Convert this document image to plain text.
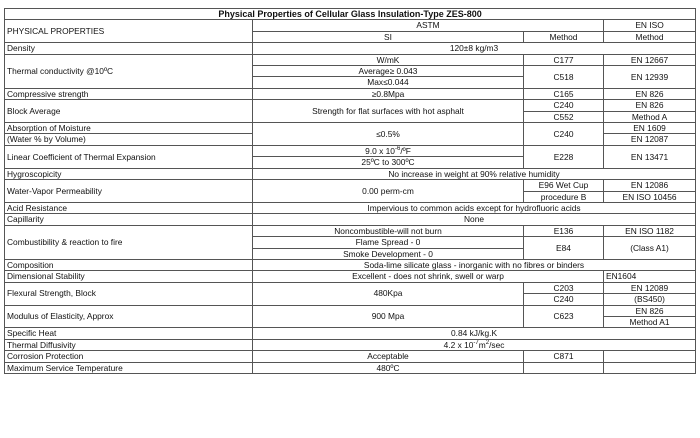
Physical Properties of Cellular Glass Insulation-Type ZES-800			
PHYSICAL PROPERTIES	ASTM		EN ISO
	SI	Method	Method
Density	120±8 kg/m3		
Thermal conductivity @10ºC	W/mK	C177	EN 12667
	Average≥ 0.043	C518	EN 12939
	Max≤0.044		
Compressive strength	≥0.8Mpa	C165	EN 826
Block Average	Strength for flat surfaces with hot asphalt	C240	EN 826
		C552	Method A
Absorption of Moisture	≤0.5%	C240	EN 1609
(Water % by Volume)			EN 12087
Linear Coefficient of Thermal Expansion	9.0 x $10^{-6}/ºF$	E228	EN 13471
	25ºC to 300ºC		
Hygroscopicity	No increase in weight at 90% relative humidity		
Water-Vapor Permeability	0.00 perm-cm	E96 Wet Cup	EN 12086
		procedure B	EN ISO 10456
Acid Resistance	Impervious to common acids except for hydrofluoric acids		
Capillarity	None		
Combustibility & reaction to fire	Noncombustible-will not burn	E136	EN ISO 1182
	Flame Spread - 0	E84	(Class A1)
	Smoke Development - 0		
Composition	Soda-lime silicate glass - inorganic with no fibres or binders		
Dimensional Stability	Excellent - does not shrink, swell or warp		EN1604
Flexural Strength, Block	480Kpa	C203	EN 12089
		C240	(BS450)
Modulus of Elasticity, Approx	900 Mpa	C623	EN 826
			Method A1
Specific Heat	0.84 kJ/kg.K		
Thermal Diffusivity	4.2 x $10^{-7}m^2/\sec$		
Corrosion Protection	Acceptable	C871	
Maximum Service Temperature	480ºC		
